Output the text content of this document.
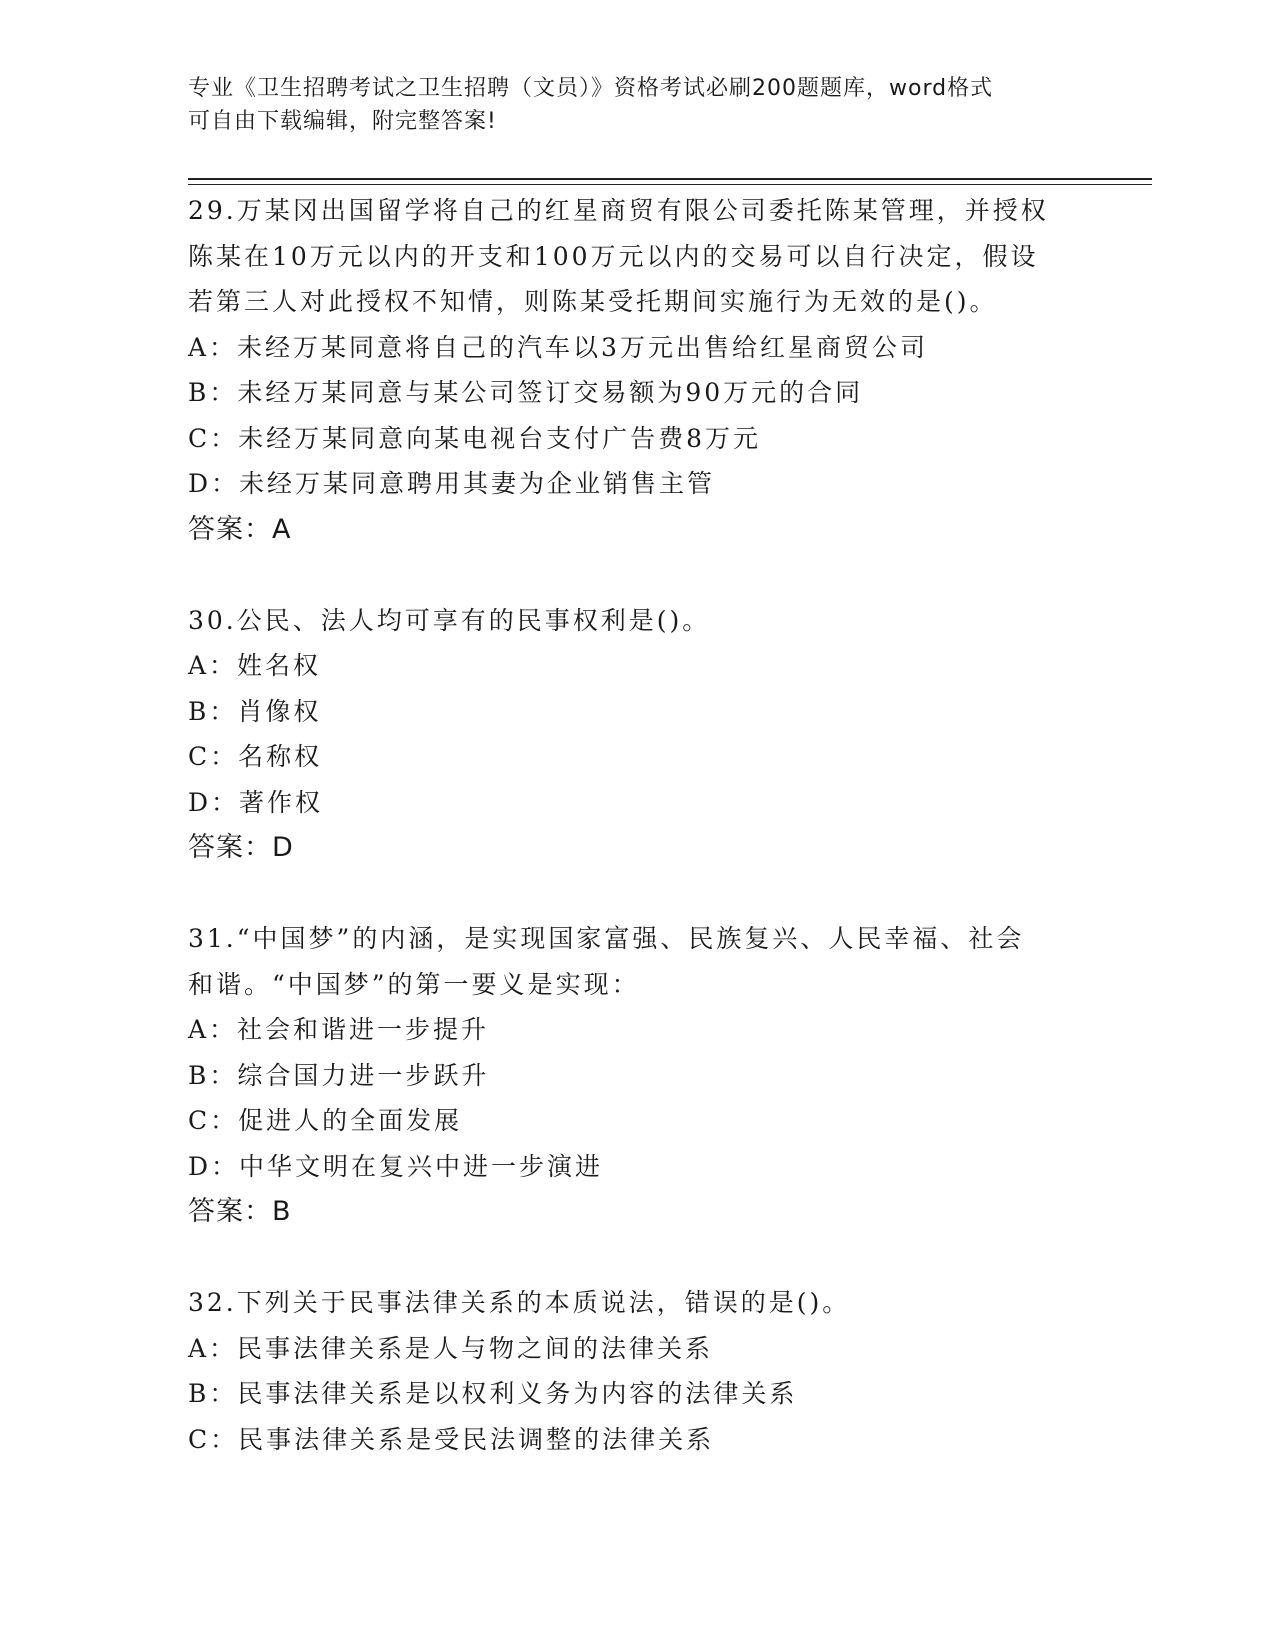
专业《卫生招聘考试之卫生招聘（文员）》资格考试必刷200题题库，word格式
可自由下载编辑，附完整答案!
29.万某冈出国留学将自己的红星商贸有限公司委托陈某管理，并授权
陈某在10万元以内的开支和100万元以内的交易可以自行决定，假设
若第三人对此授权不知情，则陈某受托期间实施行为无效的是()。
A：未经万某同意将自己的汽车以3万元出售给红星商贸公司
B：未经万某同意与某公司签订交易额为90万元的合同
C：未经万某同意向某电视台支付广告费8万元
D：未经万某同意聘用其妻为企业销售主管
答案：A
30.公民、法人均可享有的民事权利是()。
A：姓名权
B：肖像权
C：名称权
D：著作权
答案：D
31.“中国梦”的内涵，是实现国家富强、民族复兴、人民幸福、社会
和谐。“中国梦”的第一要义是实现：
A：社会和谐进一步提升
B：综合国力进一步跃升
C：促进人的全面发展
D：中华文明在复兴中进一步演进
答案：B
32.下列关于民事法律关系的本质说法，错误的是()。
A：民事法律关系是人与物之间的法律关系
B：民事法律关系是以权利义务为内容的法律关系
C：民事法律关系是受民法调整的法律关系
